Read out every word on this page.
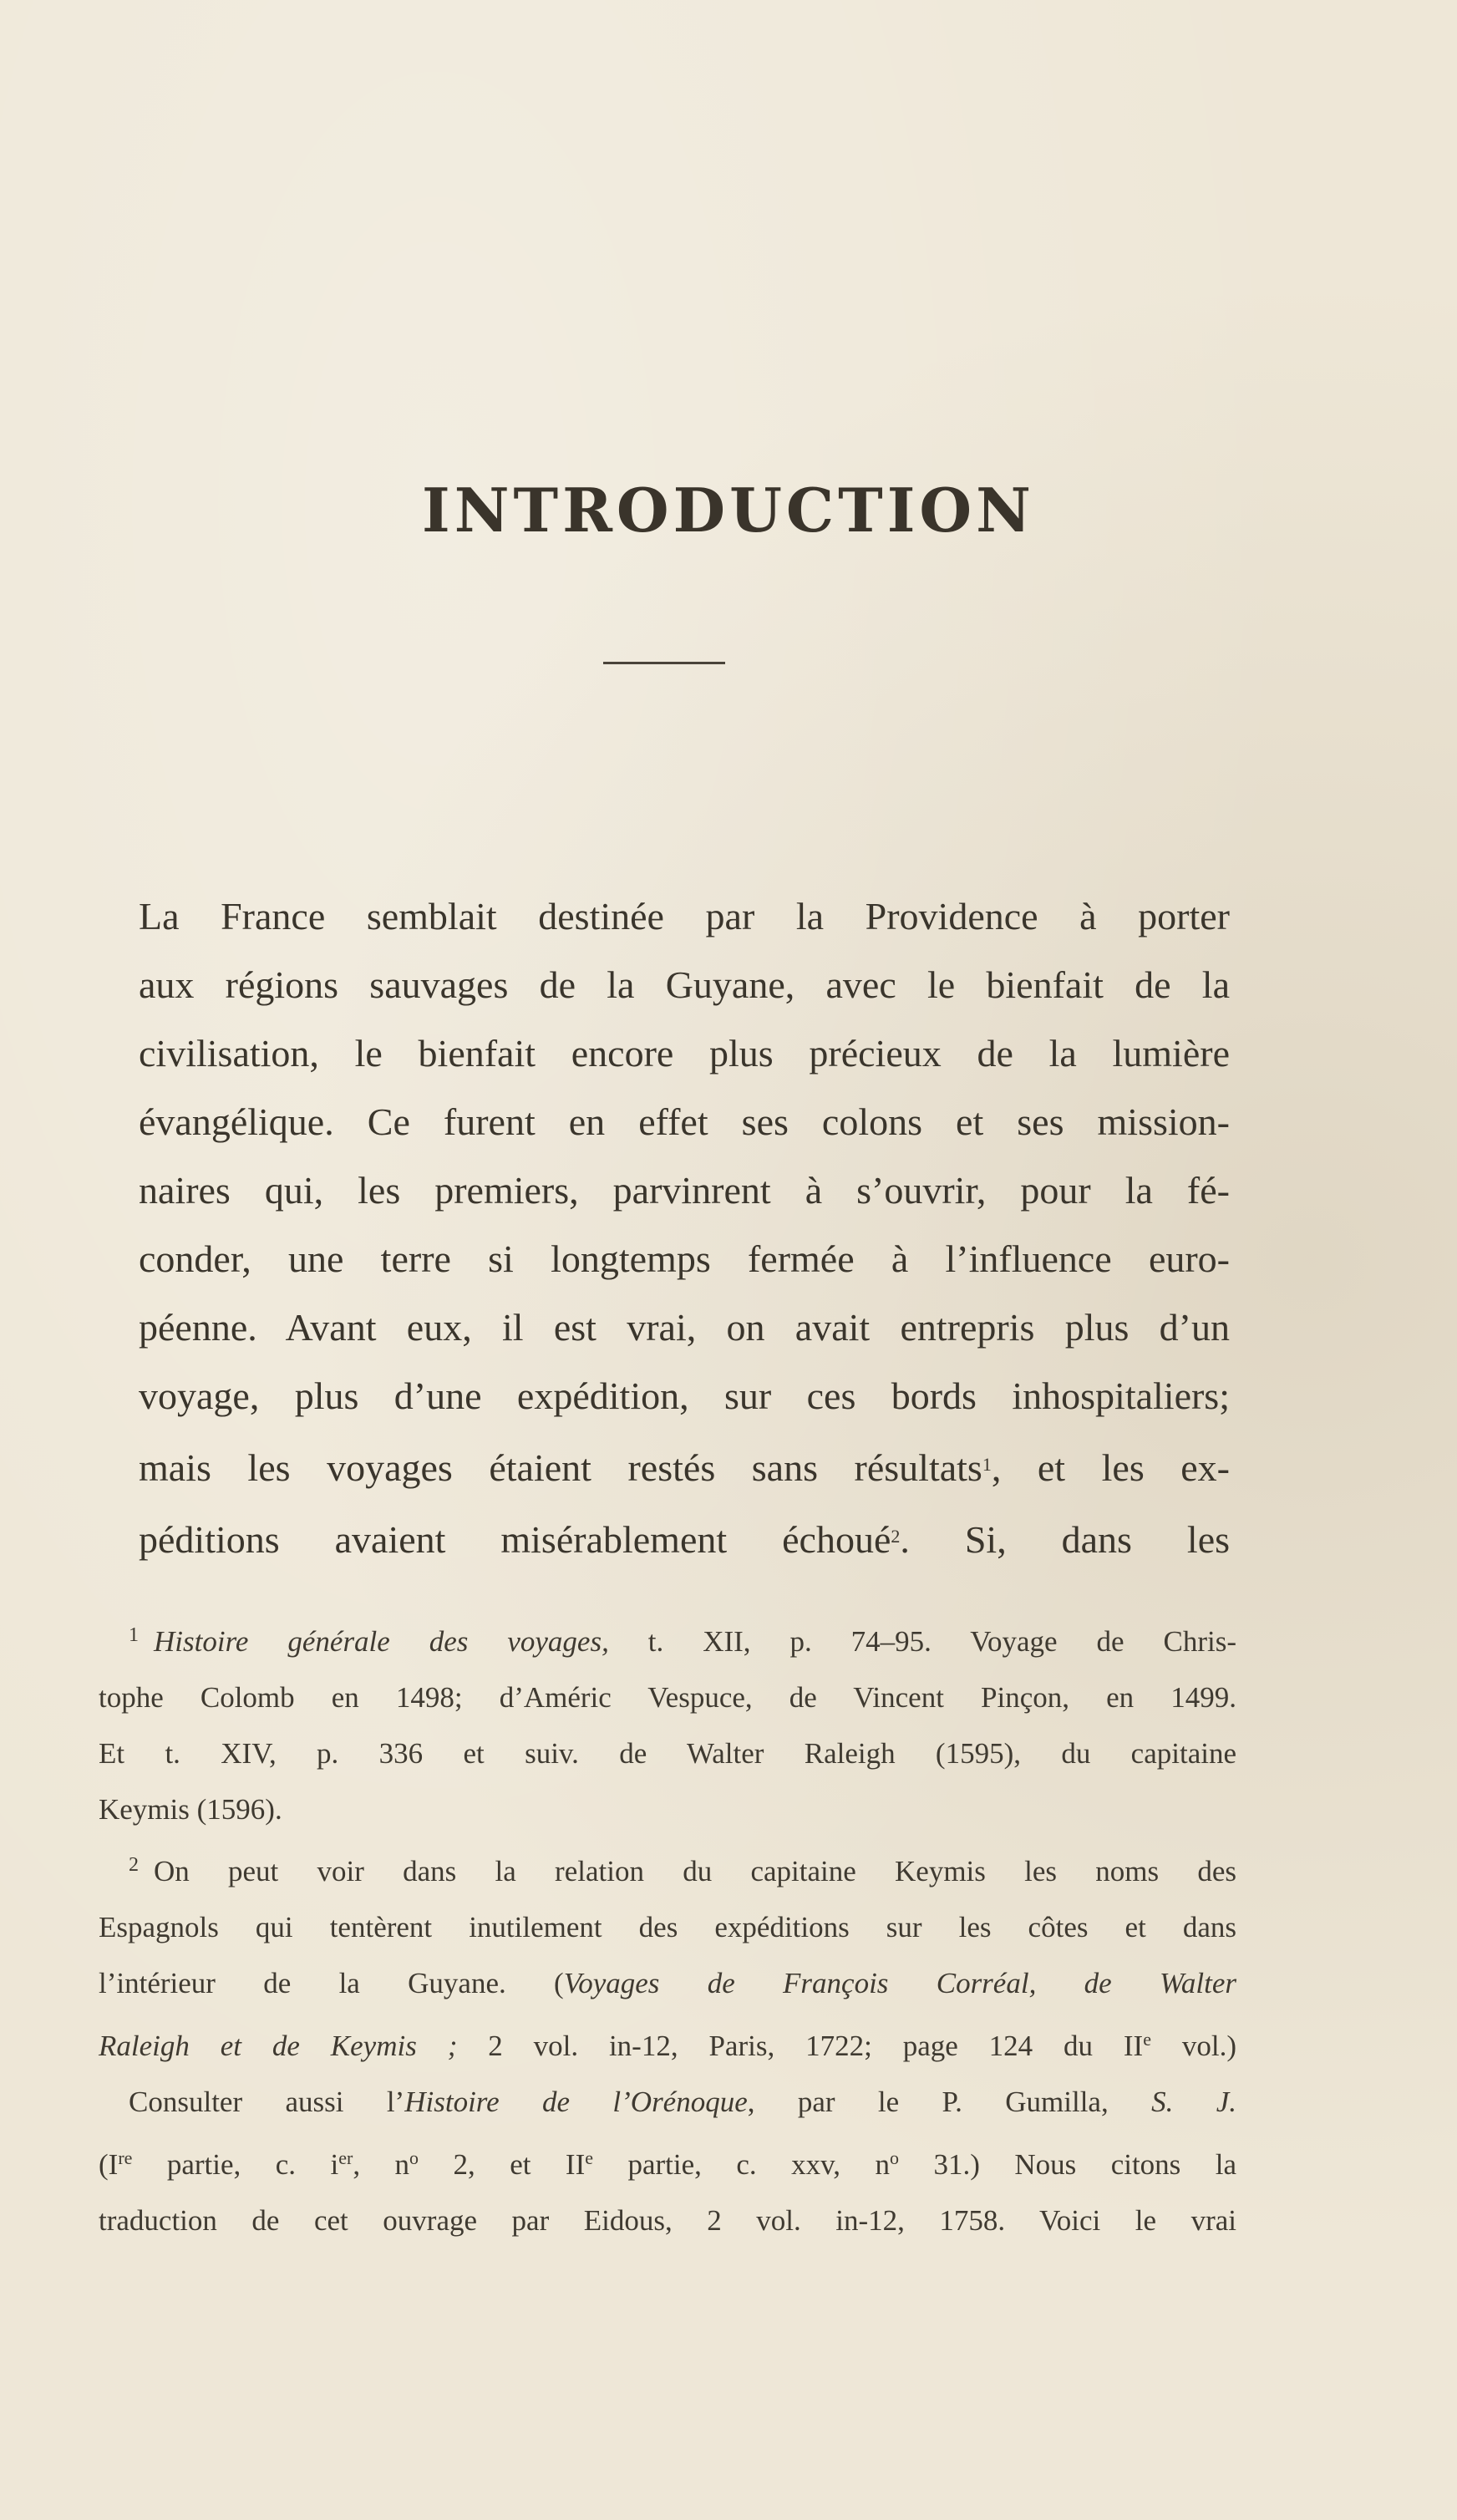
INTRODUCTION
La France semblait destinée par la Providence à porter
aux régions sauvages de la Guyane, avec le bienfait de la
civilisation, le bienfait encore plus précieux de la lumière
évangélique. Ce furent en effet ses colons et ses mission-
naires qui, les premiers, parvinrent à s’ouvrir, pour la fé-
conder, une terre si longtemps fermée à l’influence euro-
péenne. Avant eux, il est vrai, on avait entrepris plus d’un
voyage, plus d’une expédition, sur ces bords inhospitaliers;
mais les voyages étaient restés sans résultats$^1$, et les ex-
péditions avaient misérablement échoué$^2$. Si, dans les
$^1$ Histoire générale des voyages, t. XII, p. 74–95. Voyage de Chris-
tophe Colomb en 1498; d’Améric Vespuce, de Vincent Pinçon, en 1499.
Et t. XIV, p. 336 et suiv. de Walter Raleigh (1595), du capitaine
Keymis (1596).
$^2$ On peut voir dans la relation du capitaine Keymis les noms des
Espagnols qui tentèrent inutilement des expéditions sur les côtes et dans
l’intérieur de la Guyane. (Voyages de François Corréal, de Walter
Raleigh et de Keymis ; 2 vol. in-12, Paris, 1722; page 124 du IIe vol.)
Consulter aussi l’Histoire de l’Orénoque, par le P. Gumilla, S. J.
(Ire partie, c. $i^{er}$, $n^o$ 2, et IIe partie, c. xxv, $n^o$ 31.) Nous citons la
traduction de cet ouvrage par Eidous, 2 vol. in-12, 1758. Voici le vrai
